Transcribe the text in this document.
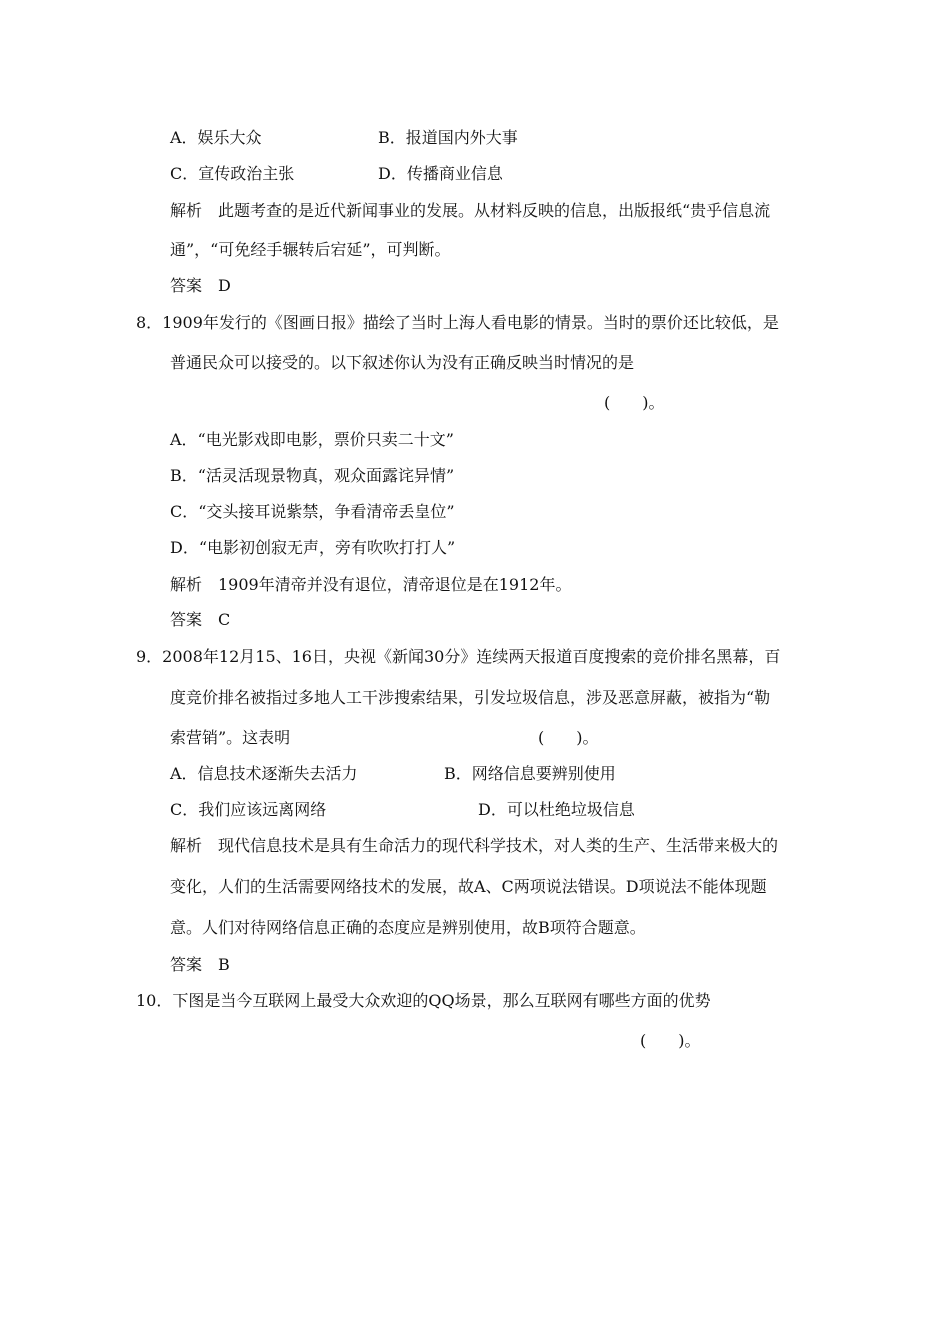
A．娱乐大众	B．报道国内外大事
C．宣传政治主张	D．传播商业信息
解析　此题考查的是近代新闻事业的发展。从材料反映的信息，出版报纸“贵乎信息流
通”，“可免经手辗转后宕延”，可判断。
答案　D
8．1909年发行的《图画日报》描绘了当时上海人看电影的情景。当时的票价还比较低，是
普通民众可以接受的。以下叙述你认为没有正确反映当时情况的是
(　　)。
A．“电光影戏即电影，票价只卖二十文”
B．“活灵活现景物真，观众面露诧异情”
C．“交头接耳说紫禁，争看清帝丢皇位”
D．“电影初创寂无声，旁有吹吹打打人”
解析　1909年清帝并没有退位，清帝退位是在1912年。
答案　C
9．2008年12月15、16日，央视《新闻30分》连续两天报道百度搜索的竞价排名黑幕，百
度竞价排名被指过多地人工干涉搜索结果，引发垃圾信息，涉及恶意屏蔽，被指为“勒
索营销”。这表明	(　　)。
A．信息技术逐渐失去活力	B．网络信息要辨别使用
C．我们应该远离网络	D．可以杜绝垃圾信息
解析　现代信息技术是具有生命活力的现代科学技术，对人类的生产、生活带来极大的
变化，人们的生活需要网络技术的发展，故A、C两项说法错误。D项说法不能体现题
意。人们对待网络信息正确的态度应是辨别使用，故B项符合题意。
答案　B
10．下图是当今互联网上最受大众欢迎的QQ场景，那么互联网有哪些方面的优势
(　　)。
